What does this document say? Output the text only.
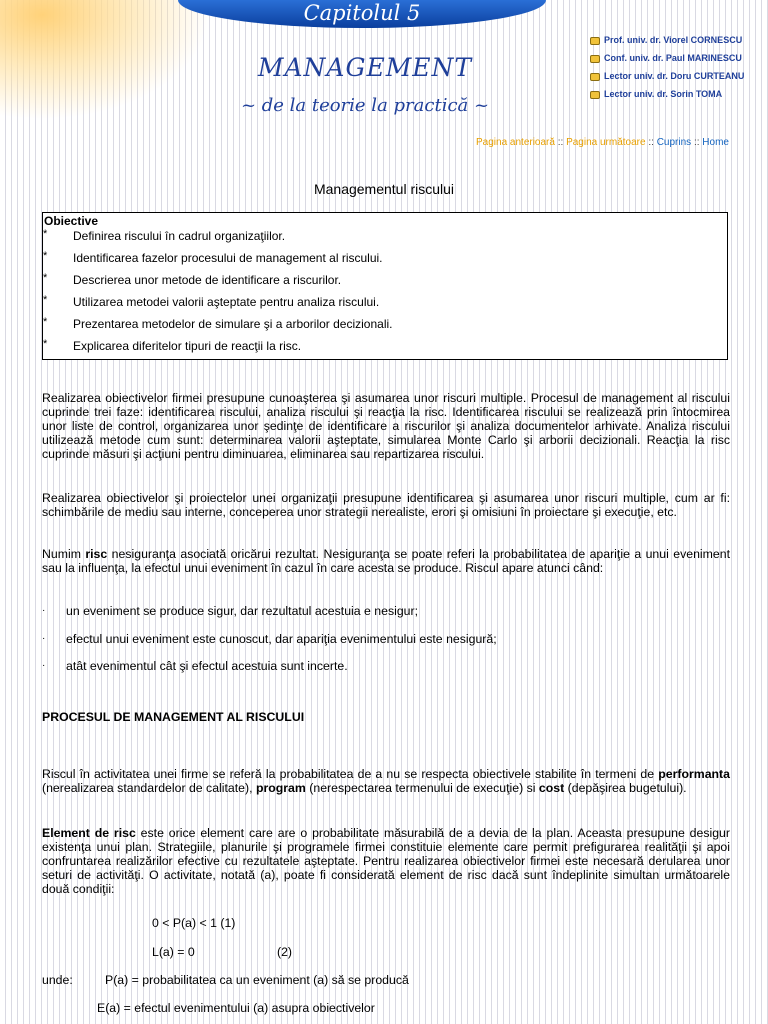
Capitolul 5
MANAGEMENT
~ de la teorie la practică ~
Prof. univ. dr. Viorel CORNESCU
Conf. univ. dr. Paul MARINESCU
Lector univ. dr. Doru CURTEANU
Lector univ. dr. Sorin TOMA
Pagina anterioară :: Pagina următoare :: Cuprins :: Home
Managementul riscului
Obiective
* Definirea riscului în cadrul organizaţiilor.
* Identificarea fazelor procesului de management al riscului.
* Descrierea unor metode de identificare a riscurilor.
* Utilizarea metodei valorii aşteptate pentru analiza riscului.
* Prezentarea metodelor de simulare şi a arborilor decizionali.
* Explicarea diferitelor tipuri de reacţii la risc.

Realizarea obiectivelor firmei presupune cunoaşterea şi asumarea unor riscuri multiple. Procesul de management al riscului cuprinde trei faze: identificarea riscului, analiza riscului şi reacţia la risc. Identificarea riscului se realizează prin întocmirea unor liste de control, organizarea unor şedinţe de identificare a riscurilor şi analiza documentelor arhivate. Analiza riscului utilizează metode cum sunt: determinarea valorii aşteptate, simularea Monte Carlo şi arborii decizionali. Reacţia la risc cuprinde măsuri şi acţiuni pentru diminuarea, eliminarea sau repartizarea riscului.

Realizarea obiectivelor şi proiectelor unei organizaţii presupune identificarea şi asumarea unor riscuri multiple, cum ar fi: schimbările de mediu sau interne, conceperea unor strategii nerealiste, erori şi omisiuni în proiectare şi execuţie, etc.

Numim risc nesiguranţa asociată oricărui rezultat. Nesiguranţa se poate referi la probabilitatea de apariţie a unui eveniment sau la influenţa, la efectul unui eveniment în cazul în care acesta se produce. Riscul apare atunci când:

· un eveniment se produce sigur, dar rezultatul acestuia e nesigur;
· efectul unui eveniment este cunoscut, dar apariţia evenimentului este nesigură;
· atât evenimentul cât şi efectul acestuia sunt incerte.
PROCESUL DE MANAGEMENT AL RISCULUI

Riscul în activitatea unei firme se referă la probabilitatea de a nu se respecta obiectivele stabilite în termeni de performanta (nerealizarea standardelor de calitate), program (nerespectarea termenului de execuţie) si cost (depăşirea bugetului).

Element de risc este orice element care are o probabilitate măsurabilă de a devia de la plan. Aceasta presupune desigur existenţa unui plan. Strategiile, planurile şi programele firmei constituie elemente care permit prefigurarea realităţii şi apoi confruntarea realizărilor efective cu rezultatele aşteptate. Pentru realizarea obiectivelor firmei este necesară derularea unor seturi de activităţi. O activitate, notată (a), poate fi considerată element de risc dacă sunt îndeplinite simultan următoarele două condiţii:

0 < P(a) < 1 (1)
L(a) = 0	(2)
unde:	P(a) = probabilitatea ca un eveniment (a) să se producă
E(a) = efectul evenimentului (a) asupra obiectivelor
